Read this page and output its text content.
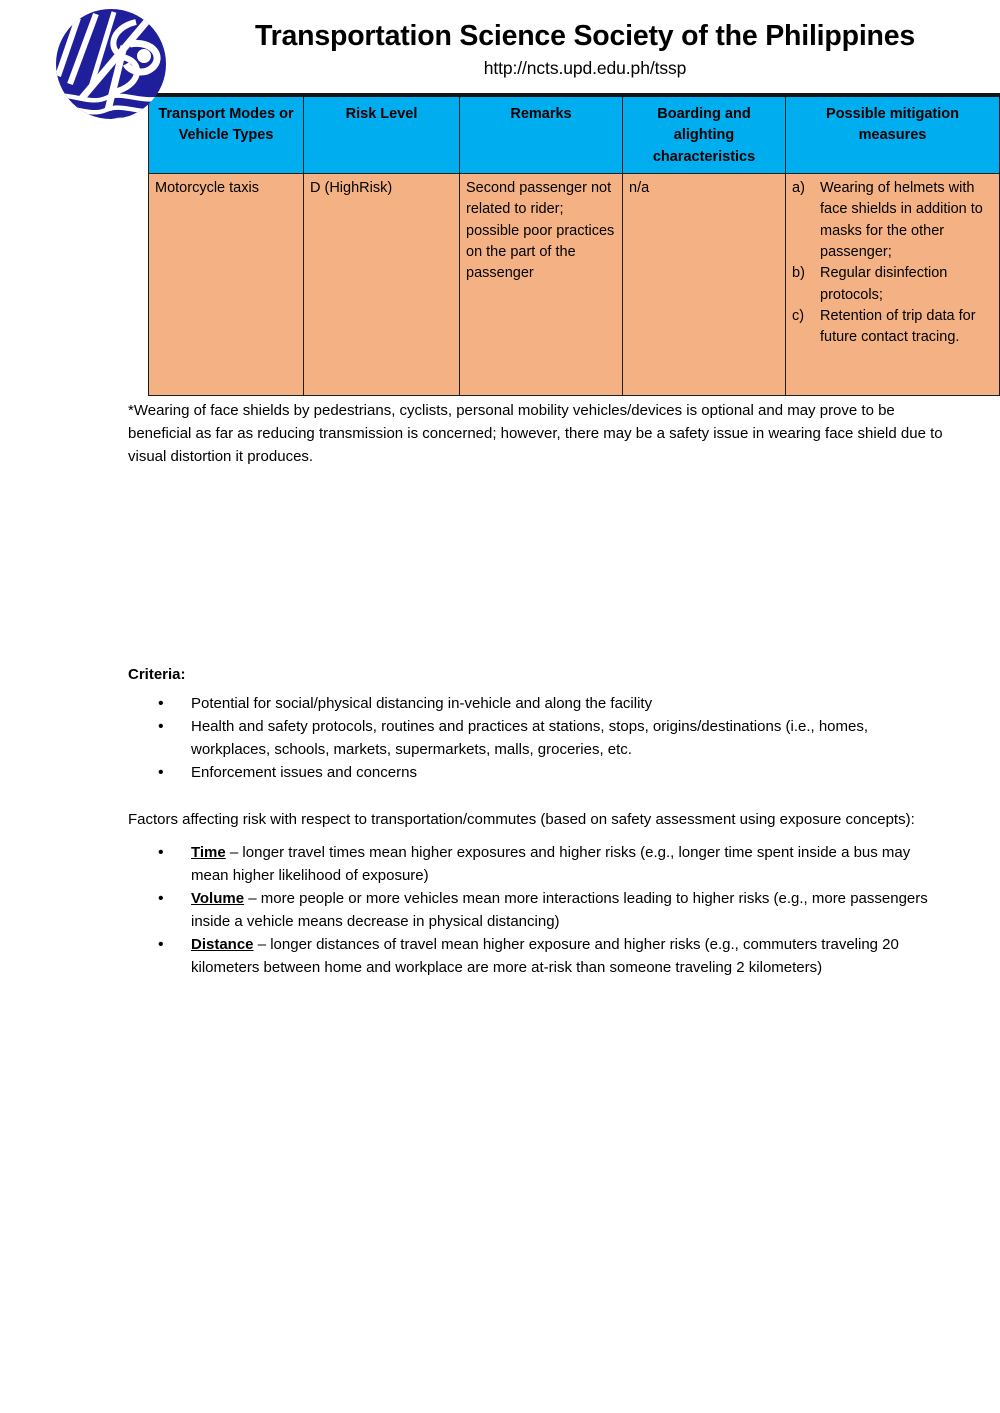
Transportation Science Society of the Philippines
http://ncts.upd.edu.ph/tssp
Transport Modes or Vehicle Types	Risk Level	Remarks	Boarding and alighting characteristics	Possible mitigation measures
Motorcycle taxis	D (HighRisk)	Second passenger not related to rider; possible poor practices on the part of the passenger	n/a	a) Wearing of helmets with face shields in addition to masks for the other passenger;
b) Regular disinfection protocols;
c) Retention of trip data for future contact tracing.

*Wearing of face shields by pedestrians, cyclists, personal mobility vehicles/devices is optional and may prove to be beneficial as far as reducing transmission is concerned; however, there may be a safety issue in wearing face shield due to visual distortion it produces.

Criteria:
• Potential for social/physical distancing in-vehicle and along the facility
• Health and safety protocols, routines and practices at stations, stops, origins/destinations (i.e., homes, workplaces, schools, markets, supermarkets, malls, groceries, etc.
• Enforcement issues and concerns

Factors affecting risk with respect to transportation/commutes (based on safety assessment using exposure concepts):

• Time – longer travel times mean higher exposures and higher risks (e.g., longer time spent inside a bus may mean higher likelihood of exposure)
• Volume – more people or more vehicles mean more interactions leading to higher risks (e.g., more passengers inside a vehicle means decrease in physical distancing)
• Distance – longer distances of travel mean higher exposure and higher risks (e.g., commuters traveling 20 kilometers between home and workplace are more at-risk than someone traveling 2 kilometers)
